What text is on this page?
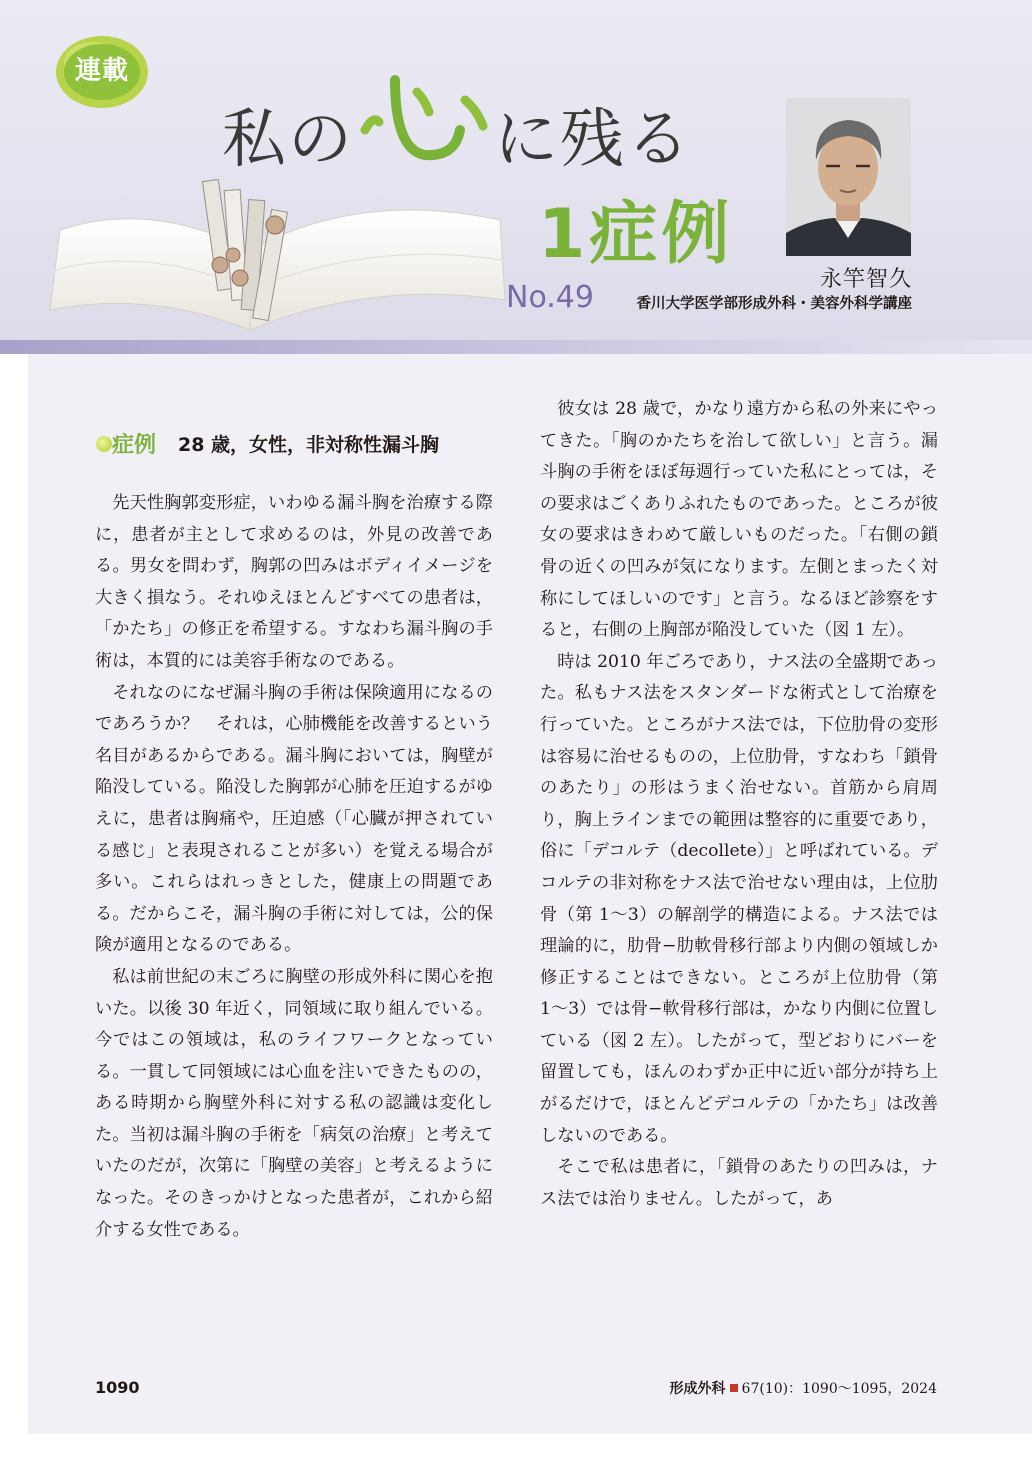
連載
私の に残る
心
1症例
No.49
永竿智久
香川大学医学部形成外科・美容外科学講座
症例 28 歳，女性，非対称性漏斗胸

先天性胸郭変形症，いわゆる漏斗胸を治療する際に，患者が主として求めるのは，外見の改善である。男女を問わず，胸郭の凹みはボディイメージを大きく損なう。それゆえほとんどすべての患者は，「かたち」の修正を希望する。すなわち漏斗胸の手術は，本質的には美容手術なのである。

それなのになぜ漏斗胸の手術は保険適用になるのであろうか？　それは，心肺機能を改善するという名目があるからである。漏斗胸においては，胸壁が陥没している。陥没した胸郭が心肺を圧迫するがゆえに，患者は胸痛や，圧迫感（「心臓が押されている感じ」と表現されることが多い）を覚える場合が多い。これらはれっきとした，健康上の問題である。だからこそ，漏斗胸の手術に対しては，公的保険が適用となるのである。

私は前世紀の末ごろに胸壁の形成外科に関心を抱いた。以後 30 年近く，同領域に取り組んでいる。今ではこの領域は，私のライフワークとなっている。一貫して同領域には心血を注いできたものの，ある時期から胸壁外科に対する私の認識は変化した。当初は漏斗胸の手術を「病気の治療」と考えていたのだが，次第に「胸壁の美容」と考えるようになった。そのきっかけとなった患者が，これから紹介する女性である。

彼女は 28 歳で，かなり遠方から私の外来にやってきた。「胸のかたちを治して欲しい」と言う。漏斗胸の手術をほぼ毎週行っていた私にとっては，その要求はごくありふれたものであった。ところが彼女の要求はきわめて厳しいものだった。「右側の鎖骨の近くの凹みが気になります。左側とまったく対称にしてほしいのです」と言う。なるほど診察をすると，右側の上胸部が陥没していた（図 1 左）。

時は 2010 年ごろであり，ナス法の全盛期であった。私もナス法をスタンダードな術式として治療を行っていた。ところがナス法では，下位肋骨の変形は容易に治せるものの，上位肋骨，すなわち「鎖骨のあたり」の形はうまく治せない。首筋から肩周り，胸上ラインまでの範囲は整容的に重要であり，俗に「デコルテ（decollete）」と呼ばれている。デコルテの非対称をナス法で治せない理由は，上位肋骨（第 1〜3）の解剖学的構造による。ナス法では理論的に，肋骨−肋軟骨移行部より内側の領域しか修正することはできない。ところが上位肋骨（第 1〜3）では骨−軟骨移行部は，かなり内側に位置している（図 2 左）。したがって，型どおりにバーを留置しても，ほんのわずか正中に近い部分が持ち上がるだけで，ほとんどデコルテの「かたち」は改善しないのである。

そこで私は患者に，「鎖骨のあたりの凹みは，ナス法では治りません。したがって，あ

1090	形成外科 67(10)：1090〜1095，2024
